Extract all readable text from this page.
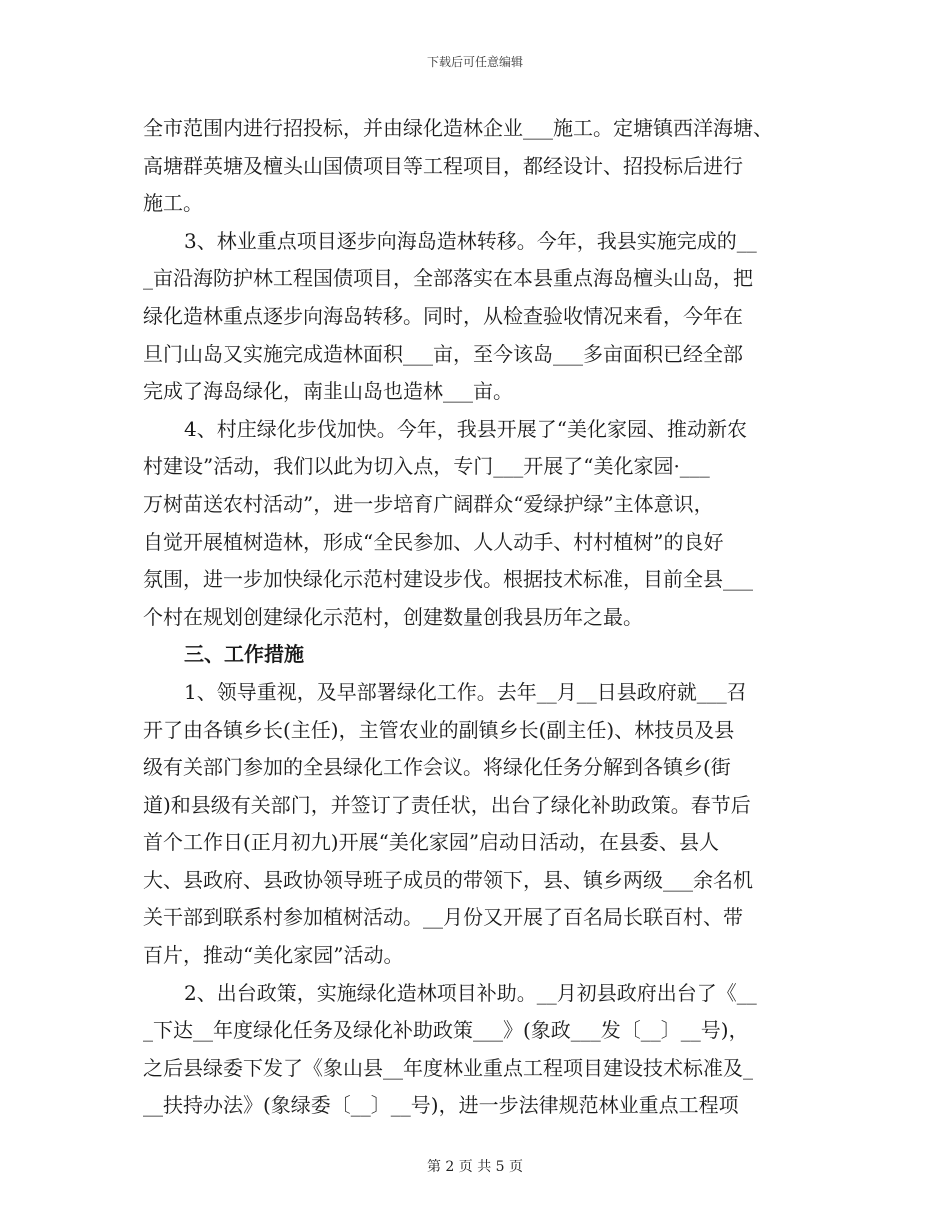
下载后可任意编辑
全市范围内进行招投标，并由绿化造林企业___施工。定塘镇西洋海塘、
高塘群英塘及檀头山国债项目等工程项目，都经设计、招投标后进行
施工。
3、林业重点项目逐步向海岛造林转移。今年，我县实施完成的__
_亩沿海防护林工程国债项目，全部落实在本县重点海岛檀头山岛，把
绿化造林重点逐步向海岛转移。同时，从检查验收情况来看，今年在
旦门山岛又实施完成造林面积___亩，至今该岛___多亩面积已经全部
完成了海岛绿化，南韭山岛也造林___亩。
4、村庄绿化步伐加快。今年，我县开展了“美化家园、推动新农
村建设”活动，我们以此为切入点，专门___开展了“美化家园·___
万树苗送农村活动”，进一步培育广阔群众“爱绿护绿”主体意识，
自觉开展植树造林，形成“全民参加、人人动手、村村植树”的良好
氛围，进一步加快绿化示范村建设步伐。根据技术标准，目前全县___
个村在规划创建绿化示范村，创建数量创我县历年之最。
三、工作措施
1、领导重视，及早部署绿化工作。去年__月__日县政府就___召
开了由各镇乡长(主任)，主管农业的副镇乡长(副主任)、林技员及县
级有关部门参加的全县绿化工作会议。将绿化任务分解到各镇乡(街
道)和县级有关部门，并签订了责任状，出台了绿化补助政策。春节后
首个工作日(正月初九)开展“美化家园”启动日活动，在县委、县人
大、县政府、县政协领导班子成员的带领下，县、镇乡两级___余名机
关干部到联系村参加植树活动。__月份又开展了百名局长联百村、带
百片，推动“美化家园”活动。
2、出台政策，实施绿化造林项目补助。__月初县政府出台了《__
_下达__年度绿化任务及绿化补助政策___》(象政___发〔__〕__号)，
之后县绿委下发了《象山县__年度林业重点工程项目建设技术标准及_
__扶持办法》(象绿委〔__〕__号)，进一步法律规范林业重点工程项
第 2 页 共 5 页
